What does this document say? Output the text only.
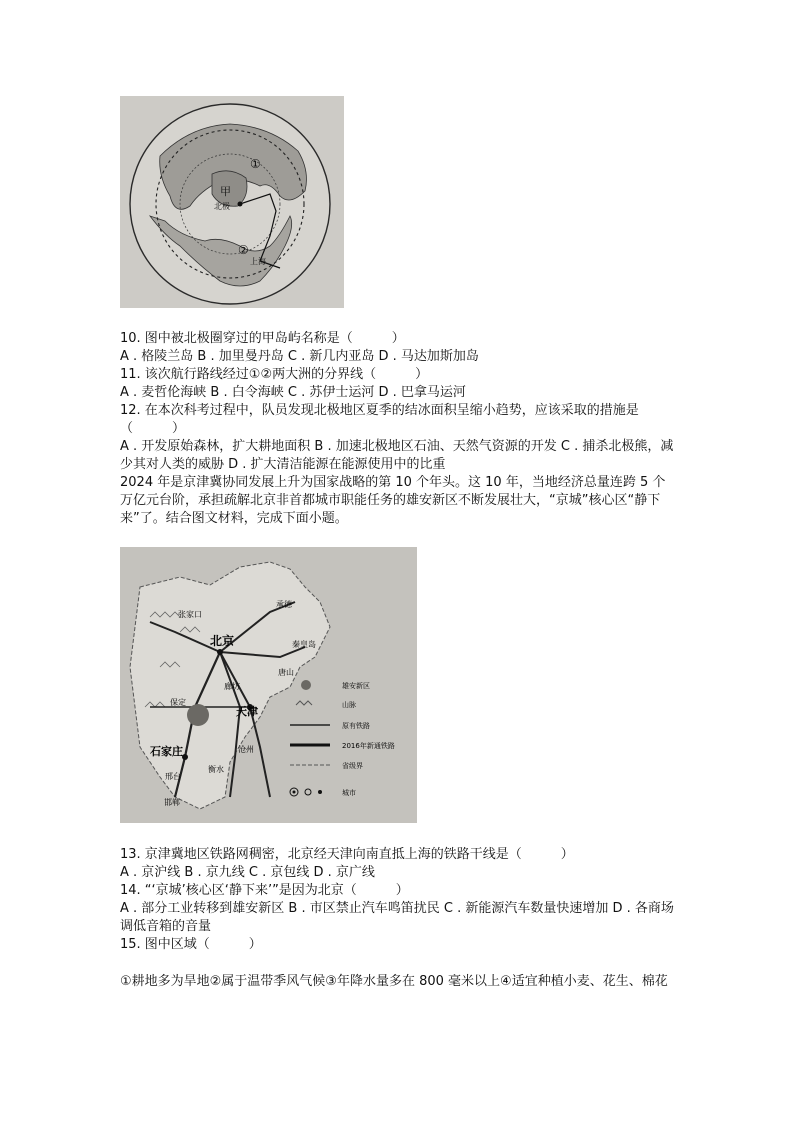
①
②
甲
北极
上海
10. 图中被北极圈穿过的甲岛屿名称是（　　　）
A . 格陵兰岛 B . 加里曼丹岛 C . 新几内亚岛 D . 马达加斯加岛
11. 该次航行路线经过①②两大洲的分界线（　　　）
A . 麦哲伦海峡 B . 白令海峡 C . 苏伊士运河 D . 巴拿马运河
12. 在本次科考过程中，队员发现北极地区夏季的结冰面积呈缩小趋势，应该采取的措施是（　　　）
A . 开发原始森林，扩大耕地面积 B . 加速北极地区石油、天然气资源的开发 C . 捕杀北极熊，减少其对人类的威胁 D . 扩大清洁能源在能源使用中的比重
2024 年是京津冀协同发展上升为国家战略的第 10 个年头。这 10 年，当地经济总量连跨 5 个万亿元台阶，承担疏解北京非首都城市职能任务的雄安新区不断发展壮大，“京城”核心区“静下来”了。结合图文材料，完成下面小题。
张家口
北京
承德
秦皇岛
廊坊
唐山
保定
天津
石家庄	沧州
衡水
邢台
邯郸
雄安新区
山脉
原有铁路
2016年新通铁路
省级界
城市
13. 京津冀地区铁路网稠密，北京经天津向南直抵上海的铁路干线是（　　　）
A . 京沪线 B . 京九线 C . 京包线 D . 京广线
14. “‘京城’核心区‘静下来’”是因为北京（　　　）
A . 部分工业转移到雄安新区 B . 市区禁止汽车鸣笛扰民 C . 新能源汽车数量快速增加 D . 各商场调低音箱的音量
15. 图中区域（　　　）
①耕地多为旱地②属于温带季风气候③年降水量多在 800 毫米以上④适宜种植小麦、花生、棉花
